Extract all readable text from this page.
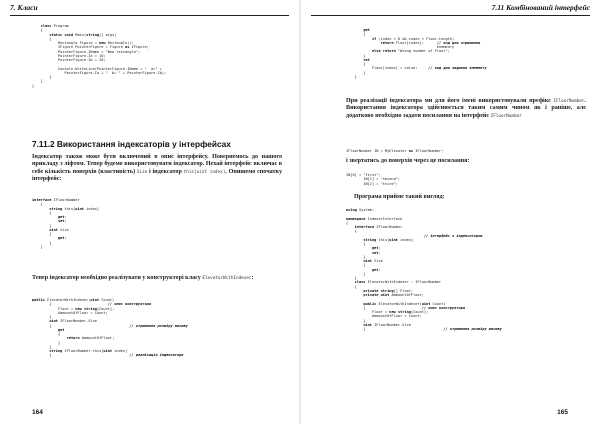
7. Класи
class Program
{
static void Main(string[] args)
{
Rectangle Figure = new Rectangle();
IFigure PointerFigure = Figure as IFigure;
PointerFigure.IName = "New rectangle";
PointerFigure.Ia = 10;
PointerFigure.Ib = 20;

Console.WriteLine(PointerFigure.IName + "  a=" +
PointerFigure.Ia + "  b= " + PointerFigure.Ib);
}
}
}
7.11.2 Використання індексаторів у інтерфейсах
Індексатор також може бути включений в опис інтерфейсу. Повернемось до нашого прикладу з ліфтом. Тепер будемо використовувати індексатор. Нехай інтерфейс включає в себе кількість поверхів (властивість) Size і індексатор this[uint index]. Опишемо спочатку інтерфейс:
interface IFloorNumber
{
string this[uint index]
{
get;
set;
}
uint Size
{
get;
}
}
Тепер індексатор необхідно реалізувати у конструкторі класу ElevatorWithIndexer:
public ElevatorWithIndexer(uint Count)
{	// опис конструктора
Floor = new string[Count];
AmmountOfFloor = Count;
}
uint IFloorNumber.Size
{	// отримання розміру масиву
get
{
return AmmountOfFloor;
}
}
string IFloorNumber.this[uint index]
{	// реалізація індексатора
164
7.11 Комбінований інтерфейс
get
{
if (index > 0 && index < Floor.Length)
return Floor[index];      // код для отримання
елементу
else return "Wrong number of Floor";
}
set
{
Floor[index] = value;	// код для задання елементу
}
}
При реалізації індексатора ми для його імені використовували префікс IFloorNumber. Використання індексатора здійснюється таким самим чином як і раніше, але додатково необхідно задати посилання на інтерфейс IFloorNumber
IFloorNumber IN = MyElevator as IFloorNumber;
і звертатись до поверхів через це посилання:
IN[0] = "first";
IN[1] = "second";
IN[2] = "third";
Програма прийме такий вигляд:
using System;

namespace IndexerInterface
{
interface IFloorNumber
{
// інтерфейс з індексатором
string this[uint index]
{
get;
set;
}
uint Size
{
get;
}
}
class ElevatorWithIndexer : IFloorNumber
{
private string[] Floor;
private uint AmmountOfFloor;

public ElevatorWithIndexer(uint Count)
{	// опис конструктора
Floor = new string[Count];
AmmountOfFloor = Count;
}
uint IFloorNumber.Size
{	// отримання розміру масиву
165
